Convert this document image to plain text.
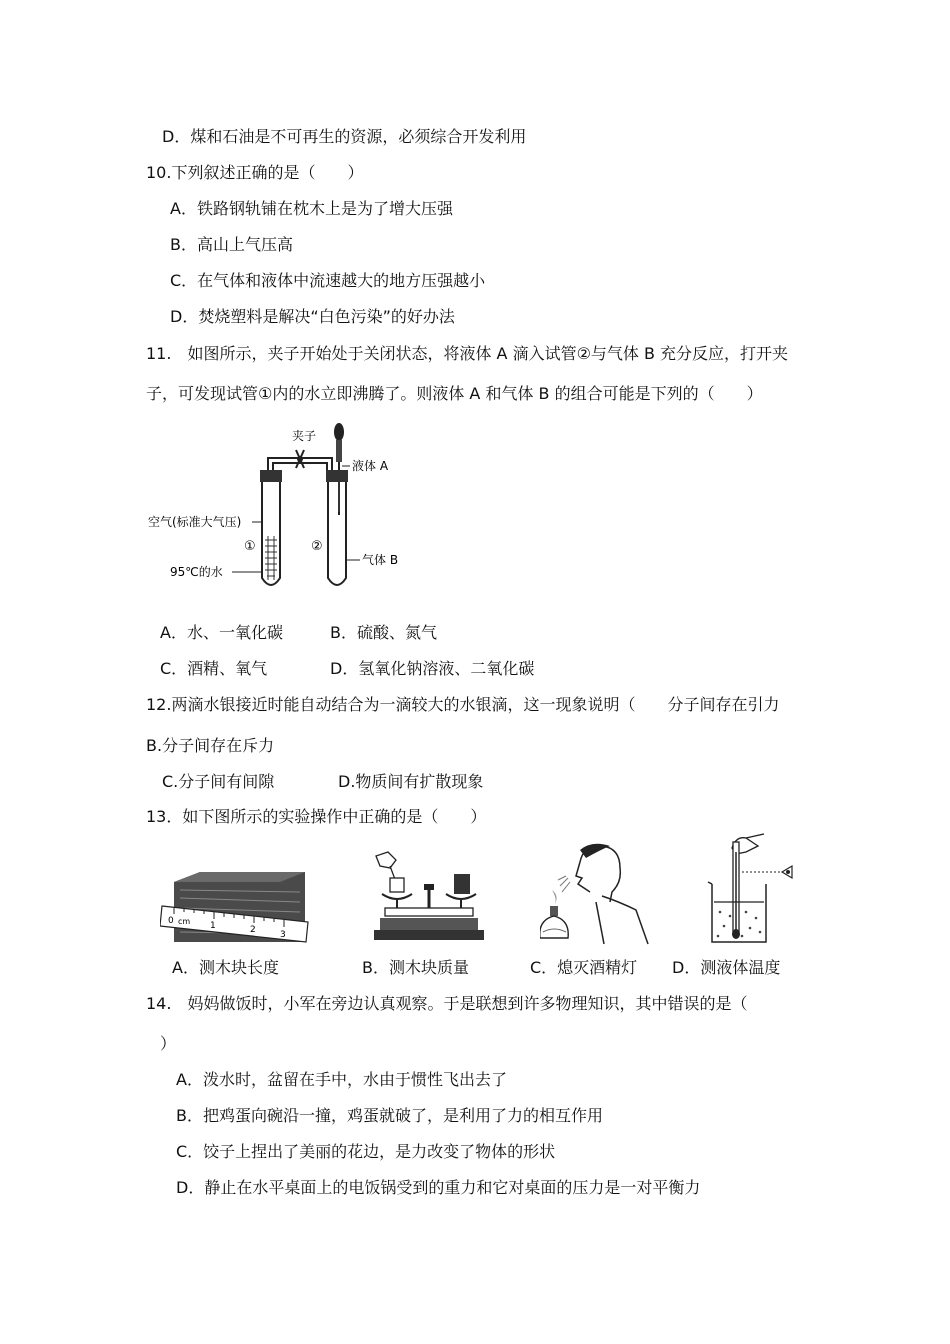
D．煤和石油是不可再生的资源，必须综合开发利用
10.下列叙述正确的是（　　）
A．铁路钢轨铺在枕木上是为了增大压强
B．高山上气压高
C．在气体和液体中流速越大的地方压强越小
D．焚烧塑料是解决“白色污染”的好办法
11.　如图所示，夹子开始处于关闭状态，将液体 A 滴入试管②与气体 B 充分反应，打开夹
子，可发现试管①内的水立即沸腾了。则液体 A 和气体 B 的组合可能是下列的（　　）
夹子
液体 A
空气(标准大气压)
①	②
气体 B
95℃的水
A．水、一氧化碳	B．硫酸、氮气
C．酒精、氧气	D．氢氧化钠溶液、二氧化碳
12.两滴水银接近时能自动结合为一滴较大的水银滴，这一现象说明（　　分子间存在引力
B.分子间存在斥力
C.分子间有间隙	D.物质间有扩散现象
13．如下图所示的实验操作中正确的是（　　）
0 cm 1	2	3
A．测木块长度	B．测木块质量	C．熄灭酒精灯 D．测液体温度
14.　妈妈做饭时，小军在旁边认真观察。于是联想到许多物理知识，其中错误的是（
）
A．泼水时，盆留在手中，水由于惯性飞出去了
B．把鸡蛋向碗沿一撞，鸡蛋就破了，是利用了力的相互作用
C．饺子上捏出了美丽的花边，是力改变了物体的形状
D．静止在水平桌面上的电饭锅受到的重力和它对桌面的压力是一对平衡力
